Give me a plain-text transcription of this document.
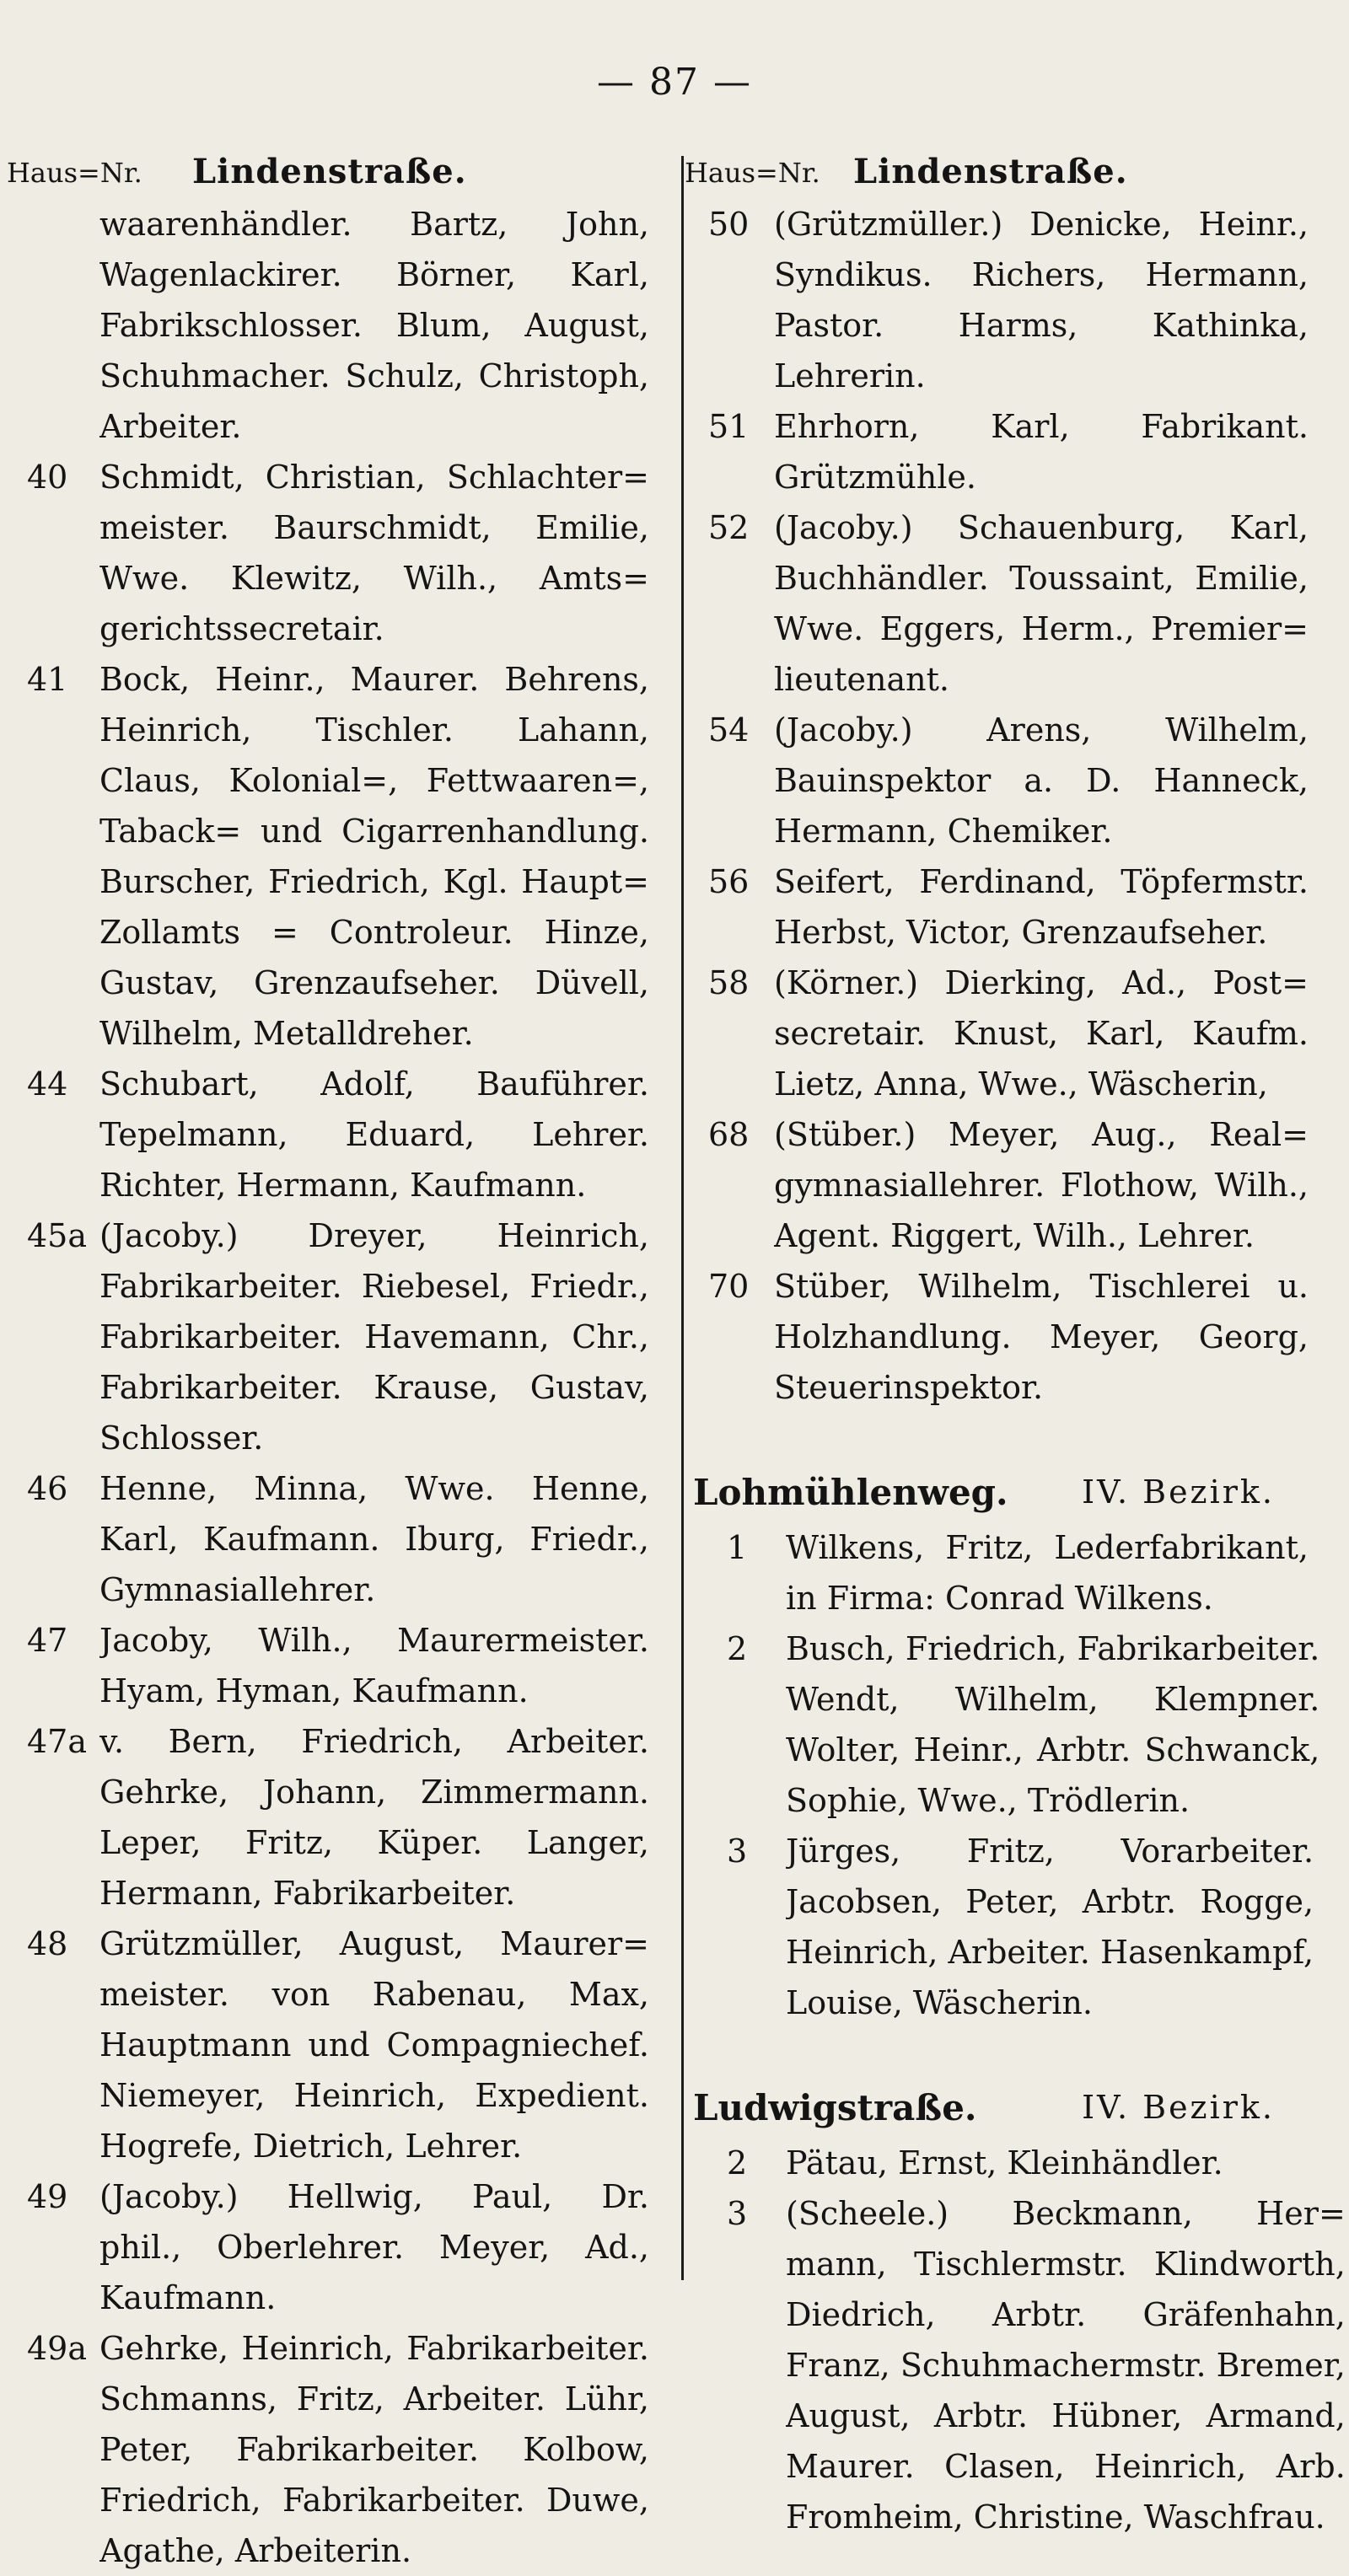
— 87 —
Haus=Nr. Lindenstraße.
waarenhändler. Bartz, John,
Wagenlackirer. Börner, Karl,
Fabrikschlosser. Blum, August,
Schuhmacher. Schulz, Christoph,
Arbeiter.
40 Schmidt, Christian, Schlachter=
meister. Baurschmidt, Emilie,
Wwe. Klewitz, Wilh., Amts=
gerichtssecretair.
41 Bock, Heinr., Maurer. Behrens,
Heinrich, Tischler. Lahann,
Claus, Kolonial=, Fettwaaren=,
Taback= und Cigarrenhandlung.
Burscher, Friedrich, Kgl. Haupt=
Zollamts = Controleur. Hinze,
Gustav, Grenzaufseher. Düvell,
Wilhelm, Metalldreher.
44 Schubart, Adolf, Bauführer.
Tepelmann, Eduard, Lehrer.
Richter, Hermann, Kaufmann.
45a (Jacoby.) Dreyer, Heinrich,
Fabrikarbeiter. Riebesel, Friedr.,
Fabrikarbeiter. Havemann, Chr.,
Fabrikarbeiter. Krause, Gustav,
Schlosser.
46 Henne, Minna, Wwe. Henne,
Karl, Kaufmann. Iburg, Friedr.,
Gymnasiallehrer.
47 Jacoby, Wilh., Maurermeister.
Hyam, Hyman, Kaufmann.
47a v. Bern, Friedrich, Arbeiter.
Gehrke, Johann, Zimmermann.
Leper, Fritz, Küper. Langer,
Hermann, Fabrikarbeiter.
48 Grützmüller, August, Maurer=
meister. von Rabenau, Max,
Hauptmann und Compagniechef.
Niemeyer, Heinrich, Expedient.
Hogrefe, Dietrich, Lehrer.
49 (Jacoby.) Hellwig, Paul, Dr.
phil., Oberlehrer. Meyer, Ad.,
Kaufmann.
49a Gehrke, Heinrich, Fabrikarbeiter.
Schmanns, Fritz, Arbeiter. Lühr,
Peter, Fabrikarbeiter. Kolbow,
Friedrich, Fabrikarbeiter. Duwe,
Agathe, Arbeiterin.
Haus=Nr. Lindenstraße.
50 (Grützmüller.) Denicke, Heinr.,
Syndikus. Richers, Hermann,
Pastor. Harms, Kathinka,
Lehrerin.
51 Ehrhorn, Karl, Fabrikant.
Grützmühle.
52 (Jacoby.) Schauenburg, Karl,
Buchhändler. Toussaint, Emilie,
Wwe. Eggers, Herm., Premier=
lieutenant.
54 (Jacoby.) Arens, Wilhelm,
Bauinspektor a. D. Hanneck,
Hermann, Chemiker.
56 Seifert, Ferdinand, Töpfermstr.
Herbst, Victor, Grenzaufseher.
58 (Körner.) Dierking, Ad., Post=
secretair. Knust, Karl, Kaufm.
Lietz, Anna, Wwe., Wäscherin,
68 (Stüber.) Meyer, Aug., Real=
gymnasiallehrer. Flothow, Wilh.,
Agent. Riggert, Wilh., Lehrer.
70 Stüber, Wilhelm, Tischlerei u.
Holzhandlung. Meyer, Georg,
Steuerinspektor.
Lohmühlenweg. IV. Bezirk.
1	Wilkens, Fritz, Lederfabrikant,
in Firma: Conrad Wilkens.
2	Busch, Friedrich, Fabrikarbeiter.
Wendt, Wilhelm, Klempner.
Wolter, Heinr., Arbtr. Schwanck,
Sophie, Wwe., Trödlerin.
3	Jürges, Fritz, Vorarbeiter.
Jacobsen, Peter, Arbtr. Rogge,
Heinrich, Arbeiter. Hasenkampf,
Louise, Wäscherin.
Ludwigstraße.	IV. Bezirk.
2	Pätau, Ernst, Kleinhändler.
3	(Scheele.) Beckmann, Her=
mann, Tischlermstr. Klindworth,
Diedrich, Arbtr. Gräfenhahn,
Franz, Schuhmachermstr. Bremer,
August, Arbtr. Hübner, Armand,
Maurer. Clasen, Heinrich, Arb.
Fromheim, Christine, Waschfrau.
